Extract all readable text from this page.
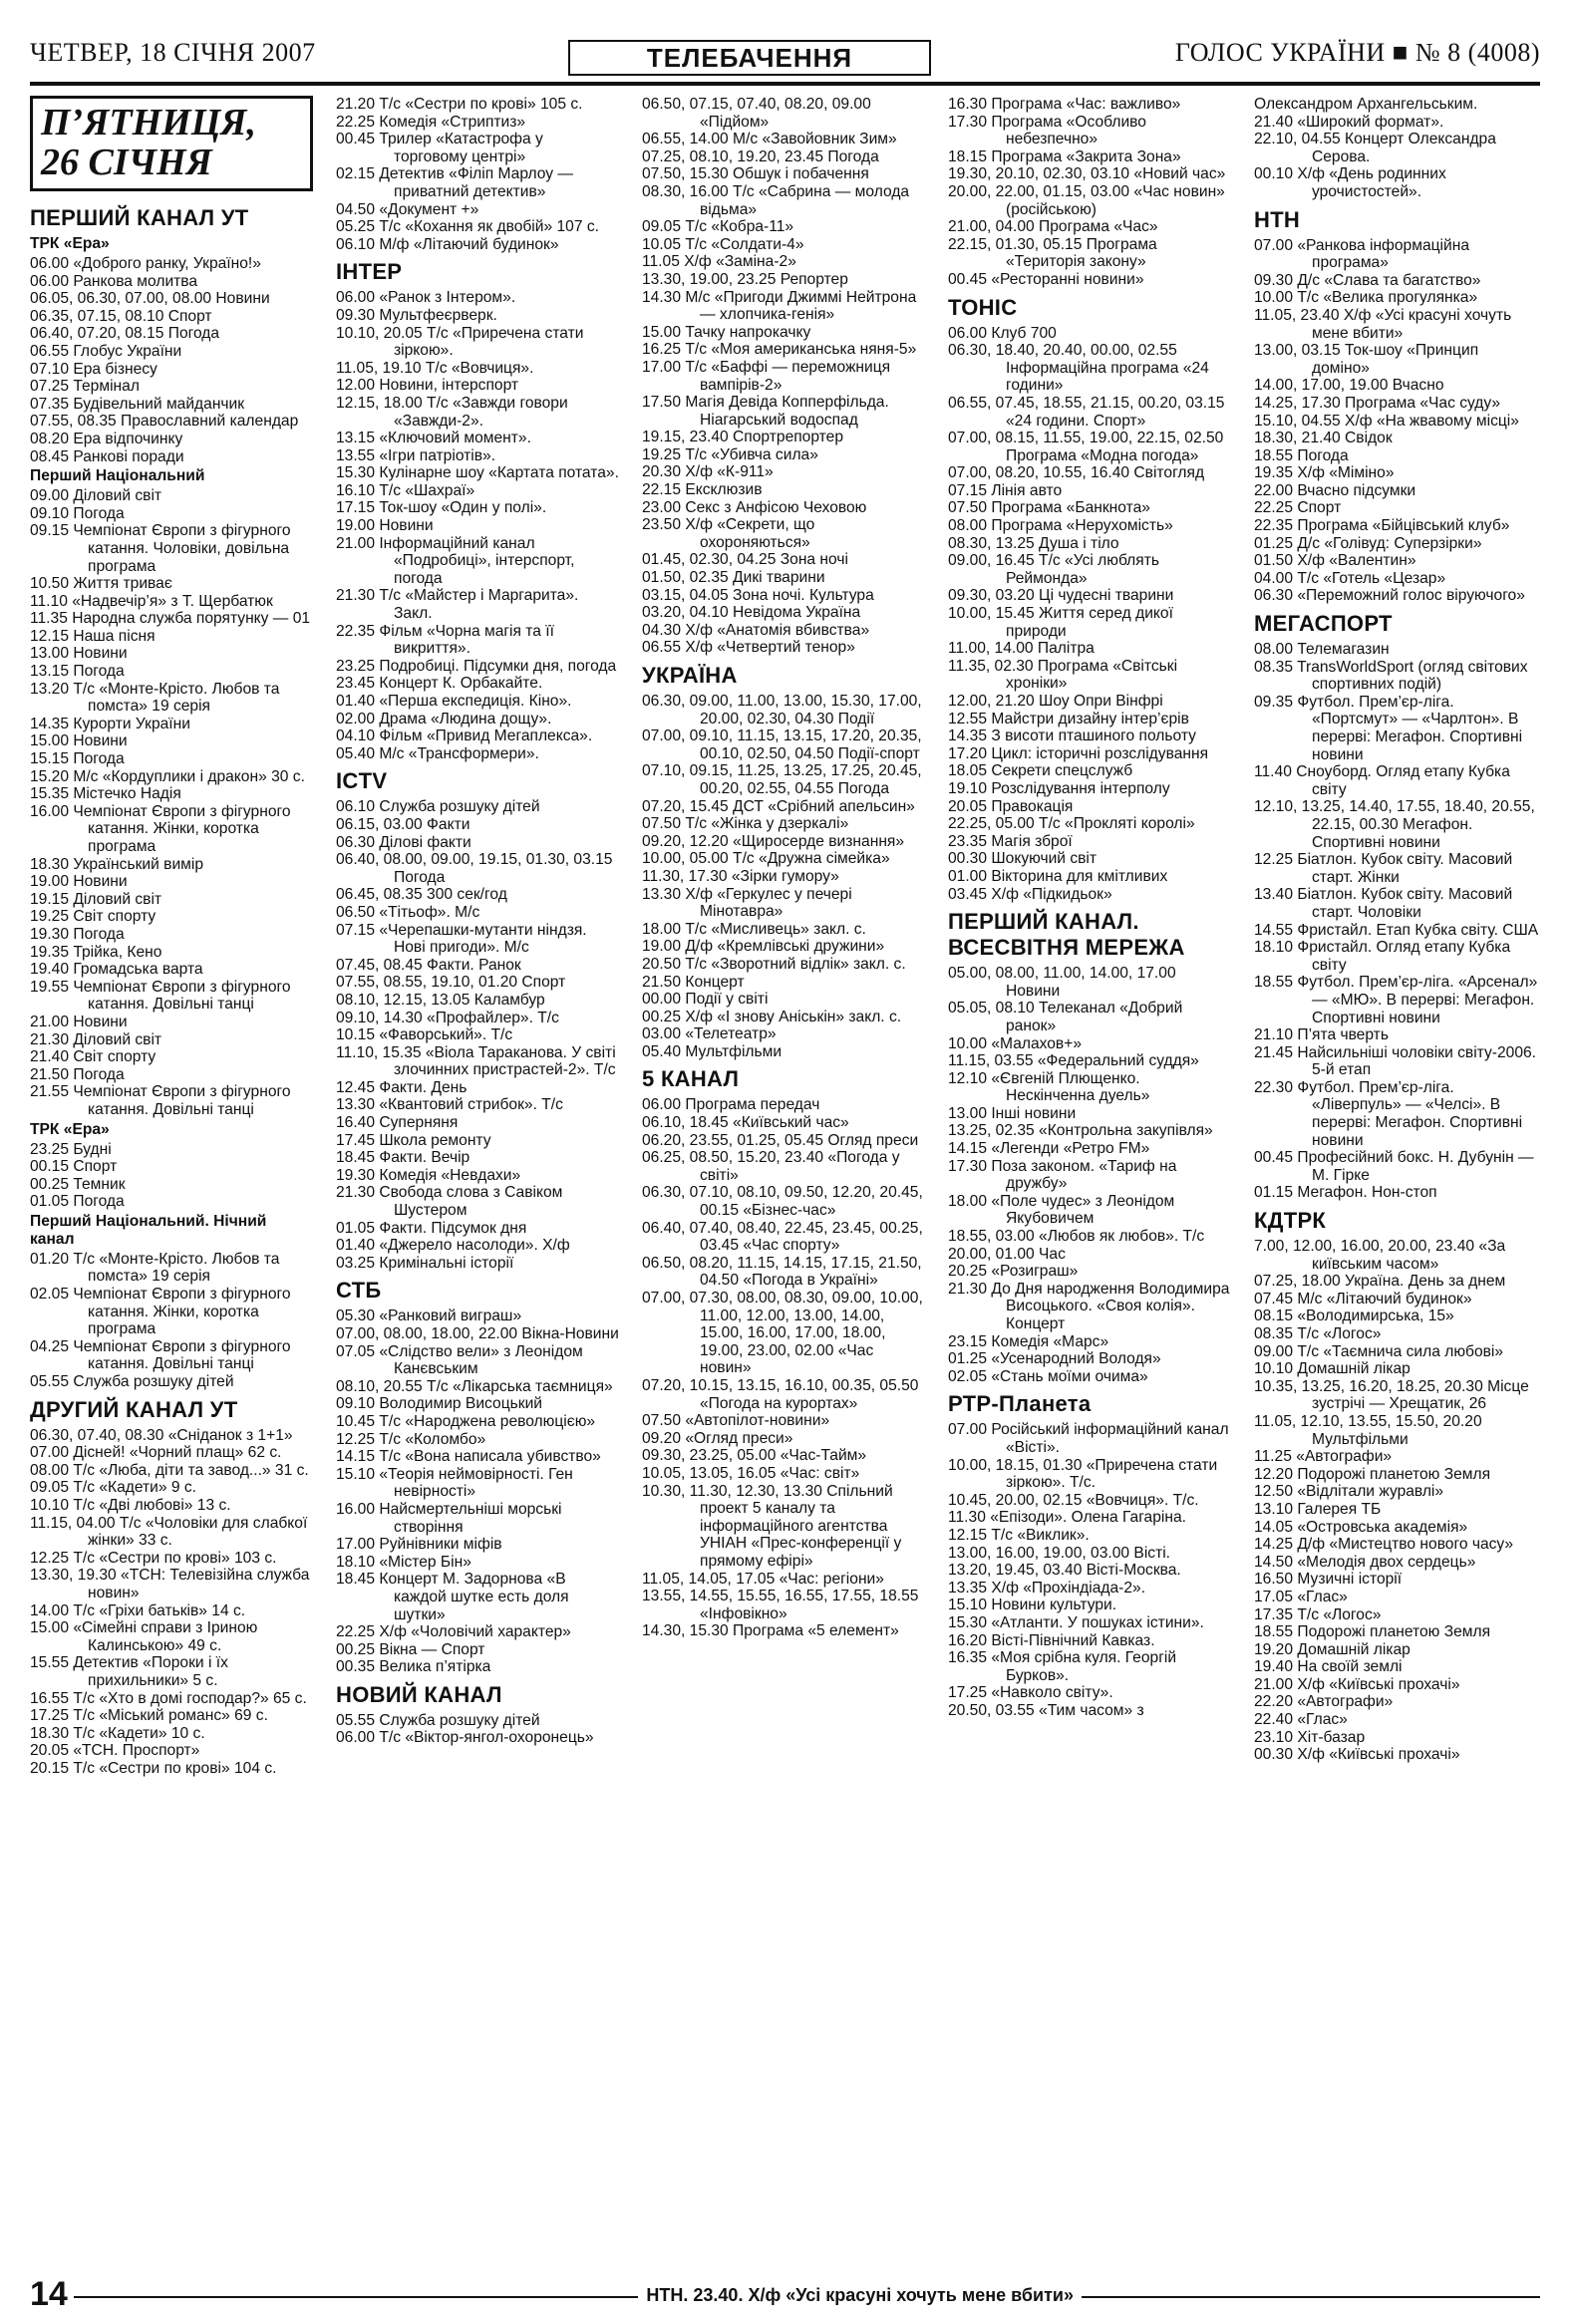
ЧЕТВЕР, 18 СІЧНЯ 2007	ТЕЛЕБАЧЕННЯ	ГОЛОС УКРАЇНИ ■ № 8 (4008)
П’ЯТНИЦЯ, 26 СІЧНЯ
ПЕРШИЙ КАНАЛ УТ
ТРК «Ера»
06.00 «Доброго ранку, Україно!»
06.00 Ранкова молитва
06.05, 06.30, 07.00, 08.00 Новини
06.35, 07.15, 08.10 Спорт
06.40, 07.20, 08.15 Погода
06.55 Глобус України
07.10 Ера бізнесу
07.25 Термінал
07.35 Будівельний майданчик
07.55, 08.35 Православний календар
08.20 Ера відпочинку
08.45 Ранкові поради
Перший Національний
09.00 Діловий світ
09.10 Погода
09.15 Чемпіонат Європи з фігурного катання. Чоловіки, довільна програма
10.50 Життя триває
11.10 «Надвечір’я» з Т. Щербатюк
11.35 Народна служба порятунку — 01
12.15 Наша пісня
13.00 Новини
13.15 Погода
13.20 Т/с «Монте-Крісто. Любов та помста» 19 серія
14.35 Курорти України
15.00 Новини
15.15 Погода
15.20 М/с «Кордуплики і дракон» 30 с.
15.35 Містечко Надія
16.00 Чемпіонат Європи з фігурного катання. Жінки, коротка програма
18.30 Український вимір
19.00 Новини
19.15 Діловий світ
19.25 Світ спорту
19.30 Погода
19.35 Трійка, Кено
19.40 Громадська варта
19.55 Чемпіонат Європи з фігурного катання. Довільні танці
21.00 Новини
21.30 Діловий світ
21.40 Світ спорту
21.50 Погода
21.55 Чемпіонат Європи з фігурного катання. Довільні танці
ТРК «Ера»
23.25 Будні
00.15 Спорт
00.25 Темник
01.05 Погода
Перший Національний. Нічний канал
01.20 Т/с «Монте-Крісто. Любов та помста» 19 серія
02.05 Чемпіонат Європи з фігурного катання. Жінки, коротка програма
04.25 Чемпіонат Європи з фігурного катання. Довільні танці
05.55 Служба розшуку дітей
ДРУГИЙ КАНАЛ УТ
06.30, 07.40, 08.30 «Сніданок з 1+1»
07.00 Дісней! «Чорний плащ» 62 с.
08.00 Т/с «Люба, діти та завод...» 31 с.
09.05 Т/с «Кадети» 9 с.
10.10 Т/с «Дві любові» 13 с.
11.15, 04.00 Т/с «Чоловіки для слабкої жінки» 33 с.
12.25 Т/с «Сестри по крові» 103 с.
13.30, 19.30 «ТСН: Телевізійна служба новин»
14.00 Т/с «Гріхи батьків» 14 с.
15.00 «Сімейні справи з Іриною Калинською» 49 с.
15.55 Детектив «Пороки і їх прихильники» 5 с.
16.55 Т/с «Хто в домі господар?» 65 с.
17.25 Т/с «Міський романс» 69 с.
18.30 Т/с «Кадети» 10 с.
20.05 «ТСН. Проспорт»
20.15 Т/с «Сестри по крові» 104 с.
21.20 Т/с «Сестри по крові» 105 с.
22.25 Комедія «Стриптиз»
00.45 Трилер «Катастрофа у торговому центрі»
02.15 Детектив «Філіп Марлоу — приватний детектив»
04.50 «Документ +»
05.25 Т/с «Кохання як двобій» 107 с.
06.10 М/ф «Літаючий будинок»
ІНТЕР
06.00 «Ранок з Інтером».
09.30 Мультфеєрверк.
10.10, 20.05 Т/с «Приречена стати зіркою».
11.05, 19.10 Т/с «Вовчиця».
12.00 Новини, інтерспорт
12.15, 18.00 Т/с «Завжди говори «Завжди-2».
13.15 «Ключовий момент».
13.55 «Ігри патріотів».
15.30 Кулінарне шоу «Картата потата».
16.10 Т/с «Шахраї»
17.15 Ток-шоу «Один у полі».
19.00 Новини
21.00 Інформаційний канал «Подробиці», інтерспорт, погода
21.30 Т/с «Майстер і Маргарита». Закл.
22.35 Фільм «Чорна магія та її викриття».
23.25 Подробиці. Підсумки дня, погода
23.45 Концерт К. Орбакайте.
01.40 «Перша експедиція. Кіно».
02.00 Драма «Людина дощу».
04.10 Фільм «Привид Мегаплекса».
05.40 М/с «Трансформери».
ICTV
06.10 Служба розшуку дітей
06.15, 03.00 Факти
06.30 Ділові факти
06.40, 08.00, 09.00, 19.15, 01.30, 03.15 Погода
06.45, 08.35 300 сек/год
06.50 «Тітьоф». М/с
07.15 «Черепашки-мутанти ніндзя. Нові пригоди». М/с
07.45, 08.45 Факти. Ранок
07.55, 08.55, 19.10, 01.20 Спорт
08.10, 12.15, 13.05 Каламбур
09.10, 14.30 «Профайлер». Т/с
10.15 «Фаворський». Т/с
11.10, 15.35 «Віола Тараканова. У світі злочинних пристрастей-2». Т/с
12.45 Факти. День
13.30 «Квантовий стрибок». Т/с
16.40 Суперняня
17.45 Школа ремонту
18.45 Факти. Вечір
19.30 Комедія «Невдахи»
21.30 Свобода слова з Савіком Шустером
01.05 Факти. Підсумок дня
01.40 «Джерело насолоди». Х/ф
03.25 Кримінальні історії
СТБ
05.30 «Ранковий виграш»
07.00, 08.00, 18.00, 22.00 Вікна-Новини
07.05 «Слідство вели» з Леонідом Канєвським
08.10, 20.55 Т/с «Лікарська таємниця»
09.10 Володимир Висоцький
10.45 Т/с «Народжена революцією»
12.25 Т/с «Коломбо»
14.15 Т/с «Вона написала убивство»
15.10 «Теорія неймовірності. Ген невірності»
16.00 Найсмертельніші морські створіння
17.00 Руйнівники міфів
18.10 «Містер Бін»
18.45 Концерт М. Задорнова «В каждой шутке есть доля шутки»
22.25 Х/ф «Чоловічий характер»
00.25 Вікна — Спорт
00.35 Велика п’ятірка
НОВИЙ КАНАЛ
05.55 Служба розшуку дітей
06.00 Т/с «Віктор-янгол-охоронець»
06.50, 07.15, 07.40, 08.20, 09.00 «Підйом»
06.55, 14.00 М/с «Завойовник Зим»
07.25, 08.10, 19.20, 23.45 Погода
07.50, 15.30 Обшук і побачення
08.30, 16.00 Т/с «Сабрина — молода відьма»
09.05 Т/с «Кобра-11»
10.05 Т/с «Солдати-4»
11.05 Х/ф «Заміна-2»
13.30, 19.00, 23.25 Репортер
14.30 М/с «Пригоди Джиммі Нейтрона — хлопчика-генія»
15.00 Тачку напрокачку
16.25 Т/с «Моя американська няня-5»
17.00 Т/с «Баффі — переможниця вампірів-2»
17.50 Магія Девіда Копперфільда. Ніагарський водоспад
19.15, 23.40 Спортрепортер
19.25 Т/с «Убивча сила»
20.30 Х/ф «К-911»
22.15 Ексклюзив
23.00 Секс з Анфісою Чеховою
23.50 Х/ф «Секрети, що охороняються»
01.45, 02.30, 04.25 Зона ночі
01.50, 02.35 Дикі тварини
03.15, 04.05 Зона ночі. Культура
03.20, 04.10 Невідома Україна
04.30 Х/ф «Анатомія вбивства»
06.55 Х/ф «Четвертий тенор»
УКРАЇНА
06.30, 09.00, 11.00, 13.00, 15.30, 17.00, 20.00, 02.30, 04.30 Події
07.00, 09.10, 11.15, 13.15, 17.20, 20.35, 00.10, 02.50, 04.50 Події-спорт
07.10, 09.15, 11.25, 13.25, 17.25, 20.45, 00.20, 02.55, 04.55 Погода
07.20, 15.45 ДСТ «Срібний апельсин»
07.50 Т/с «Жінка у дзеркалі»
09.20, 12.20 «Щиросерде визнання»
10.00, 05.00 Т/с «Дружна сімейка»
11.30, 17.30 «Зірки гумору»
13.30 Х/ф «Геркулес у печері Мінотавра»
18.00 Т/с «Мисливець» закл. с.
19.00 Д/ф «Кремлівські дружини»
20.50 Т/с «Зворотний відлік» закл. с.
21.50 Концерт
00.00 Події у світі
00.25 Х/ф «І знову Аніськін» закл. с.
03.00 «Телетеатр»
05.40 Мультфільми
5 КАНАЛ
06.00 Програма передач
06.10, 18.45 «Київський час»
06.20, 23.55, 01.25, 05.45 Огляд преси
06.25, 08.50, 15.20, 23.40 «Погода у світі»
06.30, 07.10, 08.10, 09.50, 12.20, 20.45, 00.15 «Бізнес-час»
06.40, 07.40, 08.40, 22.45, 23.45, 00.25, 03.45 «Час спорту»
06.50, 08.20, 11.15, 14.15, 17.15, 21.50, 04.50 «Погода в Україні»
07.00, 07.30, 08.00, 08.30, 09.00, 10.00, 11.00, 12.00, 13.00, 14.00, 15.00, 16.00, 17.00, 18.00, 19.00, 23.00, 02.00 «Час новин»
07.20, 10.15, 13.15, 16.10, 00.35, 05.50 «Погода на курортах»
07.50 «Автопілот-новини»
09.20 «Огляд преси»
09.30, 23.25, 05.00 «Час-Тайм»
10.05, 13.05, 16.05 «Час: світ»
10.30, 11.30, 12.30, 13.30 Спільний проект 5 каналу та інформаційного агентства УНІАН «Прес-конференції у прямому ефірі»
11.05, 14.05, 17.05 «Час: регіони»
13.55, 14.55, 15.55, 16.55, 17.55, 18.55 «Інфовікно»
14.30, 15.30 Програма «5 елемент»
16.30 Програма «Час: важливо»
17.30 Програма «Особливо небезпечно»
18.15 Програма «Закрита Зона»
19.30, 20.10, 02.30, 03.10 «Новий час»
20.00, 22.00, 01.15, 03.00 «Час новин» (російською)
21.00, 04.00 Програма «Час»
22.15, 01.30, 05.15 Програма «Територія закону»
00.45 «Ресторанні новини»
ТОНІС
06.00 Клуб 700
06.30, 18.40, 20.40, 00.00, 02.55 Інформаційна програма «24 години»
06.55, 07.45, 18.55, 21.15, 00.20, 03.15 «24 години. Спорт»
07.00, 08.15, 11.55, 19.00, 22.15, 02.50 Програма «Модна погода»
07.00, 08.20, 10.55, 16.40 Світогляд
07.15 Лінія авто
07.50 Програма «Банкнота»
08.00 Програма «Нерухомість»
08.30, 13.25 Душа і тіло
09.00, 16.45 Т/с «Усі люблять Реймонда»
09.30, 03.20 Ці чудесні тварини
10.00, 15.45 Життя серед дикої природи
11.00, 14.00 Палітра
11.35, 02.30 Програма «Світські хроніки»
12.00, 21.20 Шоу Опри Вінфрі
12.55 Майстри дизайну інтер’єрів
14.35 З висоти пташиного польоту
17.20 Цикл: історичні розслідування
18.05 Секрети спецслужб
19.10 Розслідування інтерполу
20.05 Правокація
22.25, 05.00 Т/с «Прокляті королі»
23.35 Магія зброї
00.30 Шокуючий світ
01.00 Вікторина для кмітливих
03.45 Х/ф «Підкидьок»
ПЕРШИЙ КАНАЛ. ВСЕСВІТНЯ МЕРЕЖА
05.00, 08.00, 11.00, 14.00, 17.00 Новини
05.05, 08.10 Телеканал «Добрий ранок»
10.00 «Малахов+»
11.15, 03.55 «Федеральний суддя»
12.10 «Євгеній Плющенко. Нескінченна дуель»
13.00 Інші новини
13.25, 02.35 «Контрольна закупівля»
14.15 «Легенди «Ретро FM»
17.30 Поза законом. «Тариф на дружбу»
18.00 «Поле чудес» з Леонідом Якубовичем
18.55, 03.00 «Любов як любов». Т/с
20.00, 01.00 Час
20.25 «Розиграш»
21.30 До Дня народження Володимира Висоцького. «Своя колія». Концерт
23.15 Комедія «Марс»
01.25 «Усенародний Володя»
02.05 «Стань моїми очима»
РТР-Планета
07.00 Російський інформаційний канал «Вісті».
10.00, 18.15, 01.30 «Приречена стати зіркою». Т/с.
10.45, 20.00, 02.15 «Вовчиця». Т/с.
11.30 «Епізоди». Олена Гагаріна.
12.15 Т/с «Виклик».
13.00, 16.00, 19.00, 03.00 Вісті.
13.20, 19.45, 03.40 Вісті-Москва.
13.35 Х/ф «Прохіндіада-2».
15.10 Новини культури.
15.30 «Атланти. У пошуках істини».
16.20 Вісті-Північний Кавказ.
16.35 «Моя срібна куля. Георгій Бурков».
17.25 «Навколо світу».
20.50, 03.55 «Тим часом» з
Олександром Архангельським.
21.40 «Широкий формат».
22.10, 04.55 Концерт Олександра Серова.
00.10 Х/ф «День родинних урочистостей».
НТН
07.00 «Ранкова інформаційна програма»
09.30 Д/с «Слава та багатство»
10.00 Т/с «Велика прогулянка»
11.05, 23.40 Х/ф «Усі красуні хочуть мене вбити»
13.00, 03.15 Ток-шоу «Принцип доміно»
14.00, 17.00, 19.00 Вчасно
14.25, 17.30 Програма «Час суду»
15.10, 04.55 Х/ф «На жвавому місці»
18.30, 21.40 Свідок
18.55 Погода
19.35 Х/ф «Міміно»
22.00 Вчасно підсумки
22.25 Спорт
22.35 Програма «Бійцівський клуб»
01.25 Д/с «Голівуд: Суперзірки»
01.50 Х/ф «Валентин»
04.00 Т/с «Готель «Цезар»
06.30 «Переможний голос віруючого»
МЕГАСПОРТ
08.00 Телемагазин
08.35 TransWorldSport (огляд світових спортивних подій)
09.35 Футбол. Прем’єр-ліга. «Портсмут» — «Чарлтон». В перерві: Мегафон. Спортивні новини
11.40 Сноуборд. Огляд етапу Кубка світу
12.10, 13.25, 14.40, 17.55, 18.40, 20.55, 22.15, 00.30 Мегафон. Спортивні новини
12.25 Біатлон. Кубок світу. Масовий старт. Жінки
13.40 Біатлон. Кубок світу. Масовий старт. Чоловіки
14.55 Фристайл. Етап Кубка світу. США
18.10 Фристайл. Огляд етапу Кубка світу
18.55 Футбол. Прем’єр-ліга. «Арсенал» — «МЮ». В перерві: Мегафон. Спортивні новини
21.10 П’ята чверть
21.45 Найсильніші чоловіки світу-2006. 5-й етап
22.30 Футбол. Прем’єр-ліга. «Ліверпуль» — «Челсі». В перерві: Мегафон. Спортивні новини
00.45 Професійний бокс. Н. Дубунін — М. Гірке
01.15 Мегафон. Нон-стоп
КДТРК
7.00, 12.00, 16.00, 20.00, 23.40 «За київським часом»
07.25, 18.00 Україна. День за днем
07.45 М/с «Літаючий будинок»
08.15 «Володимирська, 15»
08.35 Т/с «Логос»
09.00 Т/с «Таємнича сила любові»
10.10 Домашній лікар
10.35, 13.25, 16.20, 18.25, 20.30 Місце зустрічі — Хрещатик, 26
11.05, 12.10, 13.55, 15.50, 20.20 Мультфільми
11.25 «Автографи»
12.20 Подорожі планетою Земля
12.50 «Відлітали журавлі»
13.10 Галерея ТБ
14.05 «Островська академія»
14.25 Д/ф «Мистецтво нового часу»
14.50 «Мелодія двох сердець»
16.50 Музичні історії
17.05 «Глас»
17.35 Т/с «Логос»
18.55 Подорожі планетою Земля
19.20 Домашній лікар
19.40 На своїй землі
21.00 Х/ф «Київські прохачі»
22.20 «Автографи»
22.40 «Глас»
23.10 Хіт-базар
00.30 Х/ф «Київські прохачі»
14	НТН. 23.40. Х/ф «Усі красуні хочуть мене вбити»
